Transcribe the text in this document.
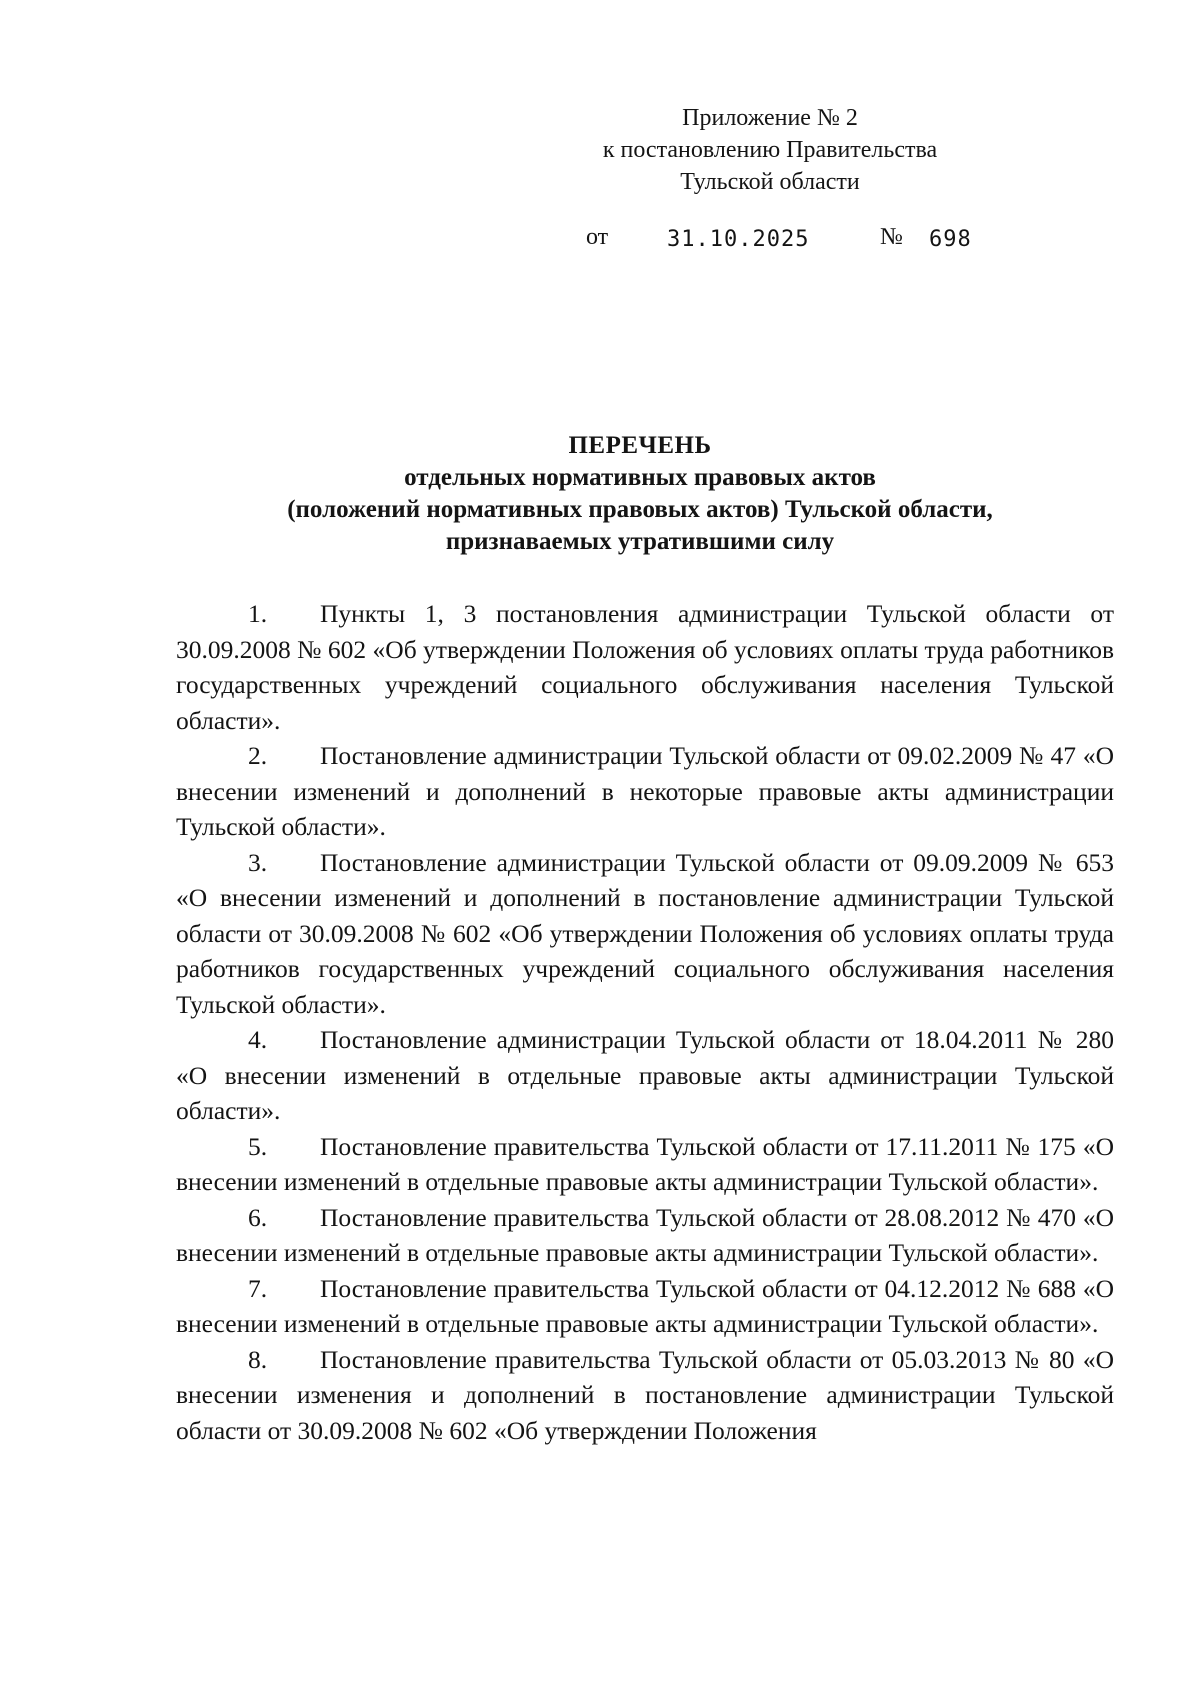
Приложение № 2
к постановлению Правительства
Тульской области
от	31.10.2025	№ 698
ПЕРЕЧЕНЬ
отдельных нормативных правовых актов
(положений нормативных правовых актов) Тульской области,
признаваемых утратившими силу

1. Пункты 1, 3 постановления администрации Тульской области от 30.09.2008 № 602 «Об утверждении Положения об условиях оплаты труда работников государственных учреждений социального обслуживания населения Тульской области».

2. Постановление администрации Тульской области от 09.02.2009 № 47 «О внесении изменений и дополнений в некоторые правовые акты администрации Тульской области».

3. Постановление администрации Тульской области от 09.09.2009 № 653 «О внесении изменений и дополнений в постановление администрации Тульской области от 30.09.2008 № 602 «Об утверждении Положения об условиях оплаты труда работников государственных учреждений социального обслуживания населения Тульской области».

4. Постановление администрации Тульской области от 18.04.2011 № 280 «О внесении изменений в отдельные правовые акты администрации Тульской области».

5. Постановление правительства Тульской области от 17.11.2011 № 175 «О внесении изменений в отдельные правовые акты администрации Тульской области».

6. Постановление правительства Тульской области от 28.08.2012 № 470 «О внесении изменений в отдельные правовые акты администрации Тульской области».

7. Постановление правительства Тульской области от 04.12.2012 № 688 «О внесении изменений в отдельные правовые акты администрации Тульской области».

8. Постановление правительства Тульской области от 05.03.2013 № 80 «О внесении изменения и дополнений в постановление администрации Тульской области от 30.09.2008 № 602 «Об утверждении Положения
